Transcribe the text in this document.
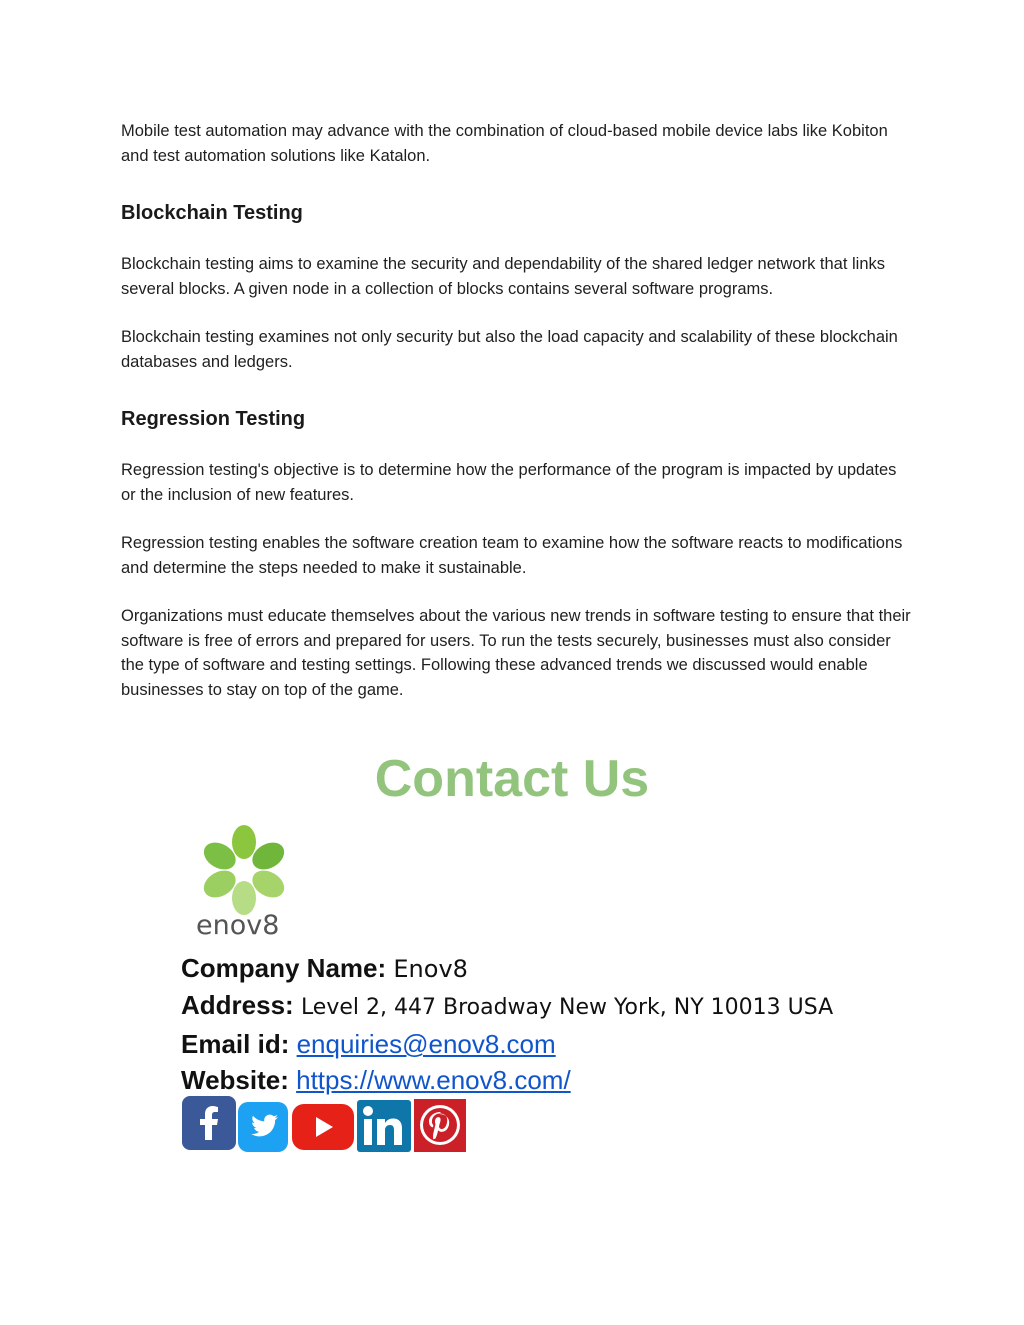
Mobile test automation may advance with the combination of cloud-based mobile device labs like Kobiton and test automation solutions like Katalon.

Blockchain Testing

Blockchain testing aims to examine the security and dependability of the shared ledger network that links several blocks. A given node in a collection of blocks contains several software programs.

Blockchain testing examines not only security but also the load capacity and scalability of these blockchain databases and ledgers.

Regression Testing

Regression testing's objective is to determine how the performance of the program is impacted by updates or the inclusion of new features.

Regression testing enables the software creation team to examine how the software reacts to modifications and determine the steps needed to make it sustainable.

Organizations must educate themselves about the various new trends in software testing to ensure that their software is free of errors and prepared for users. To run the tests securely, businesses must also consider the type of software and testing settings. Following these advanced trends we discussed would enable businesses to stay on top of the game.

Contact Us
enov8
Company Name: Enov8
Address: Level 2, 447 Broadway New York, NY 10013 USA
Email id: enquiries@enov8.com
Website: https://www.enov8.com/
